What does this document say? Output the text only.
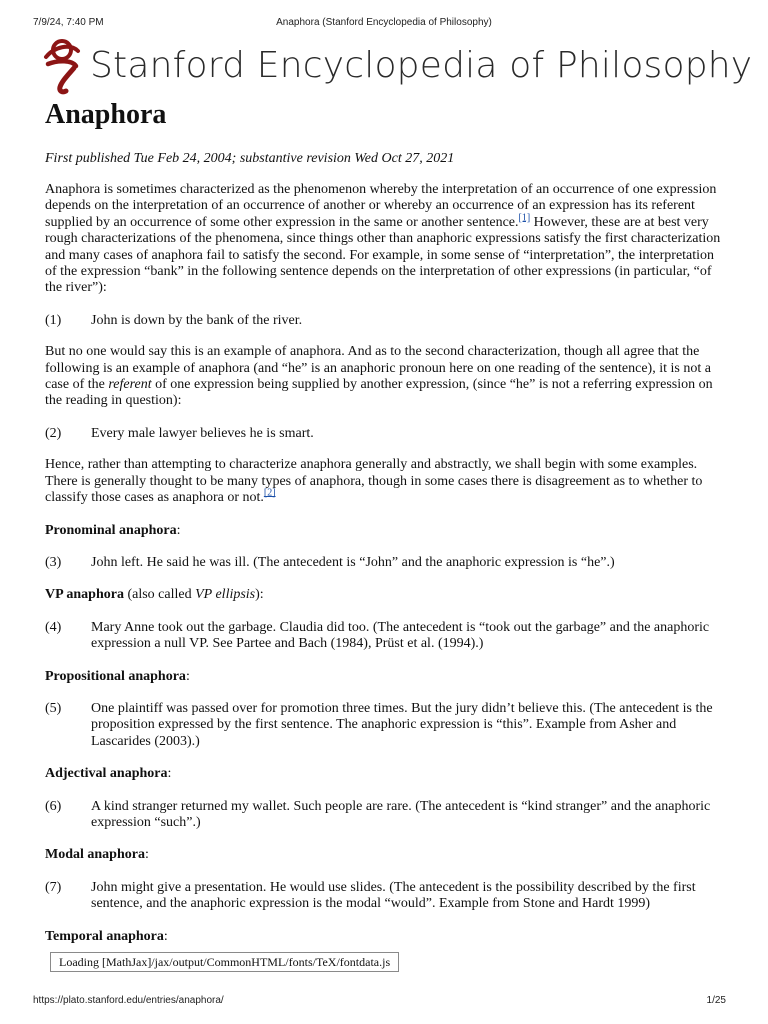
7/9/24, 7:40 PM	Anaphora (Stanford Encyclopedia of Philosophy)
Stanford Encyclopedia of Philosophy
Anaphora
First published Tue Feb 24, 2004; substantive revision Wed Oct 27, 2021

Anaphora is sometimes characterized as the phenomenon whereby the interpretation of an occurrence of one expression depends on the interpretation of an occurrence of another or whereby an occurrence of an expression has its referent supplied by an occurrence of some other expression in the same or another sentence.[1] However, these are at best very rough characterizations of the phenomena, since things other than anaphoric expressions satisfy the first characterization and many cases of anaphora fail to satisfy the second. For example, in some sense of “interpretation”, the interpretation of the expression “bank” in the following sentence depends on the interpretation of other expressions (in particular, “of the river”):

(1)	John is down by the bank of the river.

But no one would say this is an example of anaphora. And as to the second characterization, though all agree that the following is an example of anaphora (and “he” is an anaphoric pronoun here on one reading of the sentence), it is not a case of the referent of one expression being supplied by another expression, (since “he” is not a referring expression on the reading in question):

(2)	Every male lawyer believes he is smart.

Hence, rather than attempting to characterize anaphora generally and abstractly, we shall begin with some examples. There is generally thought to be many types of anaphora, though in some cases there is disagreement as to whether to classify those cases as anaphora or not.[2]

Pronominal anaphora:

(3)	John left. He said he was ill. (The antecedent is “John” and the anaphoric expression is “he”.)

VP anaphora (also called VP ellipsis):

(4)	Mary Anne took out the garbage. Claudia did too. (The antecedent is “took out the garbage” and the anaphoric expression a null VP. See Partee and Bach (1984), Prüst et al. (1994).)

Propositional anaphora:

(5)	One plaintiff was passed over for promotion three times. But the jury didn’t believe this. (The antecedent is the proposition expressed by the first sentence. The anaphoric expression is “this”. Example from Asher and Lascarides (2003).)

Adjectival anaphora:

(6)	A kind stranger returned my wallet. Such people are rare. (The antecedent is “kind stranger” and the anaphoric expression “such”.)

Modal anaphora:

(7)	John might give a presentation. He would use slides. (The antecedent is the possibility described by the first sentence, and the anaphoric expression is the modal “would”. Example from Stone and Hardt 1999)

Temporal anaphora:

Loading [MathJax]/jax/output/CommonHTML/fonts/TeX/fontdata.js
https://plato.stanford.edu/entries/anaphora/	1/25
